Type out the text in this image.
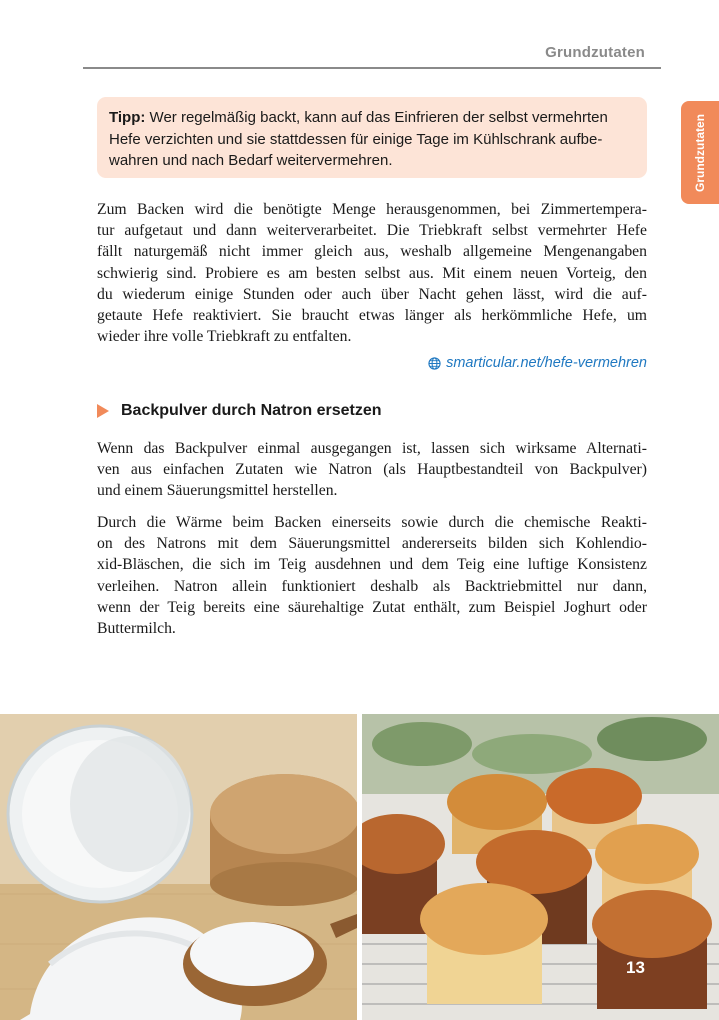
Grundzutaten
Grundzutaten
Tipp: Wer regelmäßig backt, kann auf das Einfrieren der selbst vermehrten
Hefe verzichten und sie stattdessen für einige Tage im Kühlschrank aufbe-
wahren und nach Bedarf weitervermehren.
Zum Backen wird die benötigte Menge herausgenommen, bei Zimmertempera-
tur aufgetaut und dann weiterverarbeitet. Die Triebkraft selbst vermehrter Hefe
fällt naturgemäß nicht immer gleich aus, weshalb allgemeine Mengenangaben
schwierig sind. Probiere es am besten selbst aus. Mit einem neuen Vorteig, den
du wiederum einige Stunden oder auch über Nacht gehen lässt, wird die auf-
getaute Hefe reaktiviert. Sie braucht etwas länger als herkömmliche Hefe, um
wieder ihre volle Triebkraft zu entfalten.
smarticular.net/hefe-vermehren
Backpulver durch Natron ersetzen
Wenn das Backpulver einmal ausgegangen ist, lassen sich wirksame Alternati-
ven aus einfachen Zutaten wie Natron (als Hauptbestandteil von Backpulver)
und einem Säuerungsmittel herstellen.
Durch die Wärme beim Backen einerseits sowie durch die chemische Reakti-
on des Natrons mit dem Säuerungsmittel andererseits bilden sich Kohlendio-
xid-Bläschen, die sich im Teig ausdehnen und dem Teig eine luftige Konsistenz
verleihen. Natron allein funktioniert deshalb als Backtriebmittel nur dann,
wenn der Teig bereits eine säurehaltige Zutat enthält, zum Beispiel Joghurt oder
Buttermilch.
13
